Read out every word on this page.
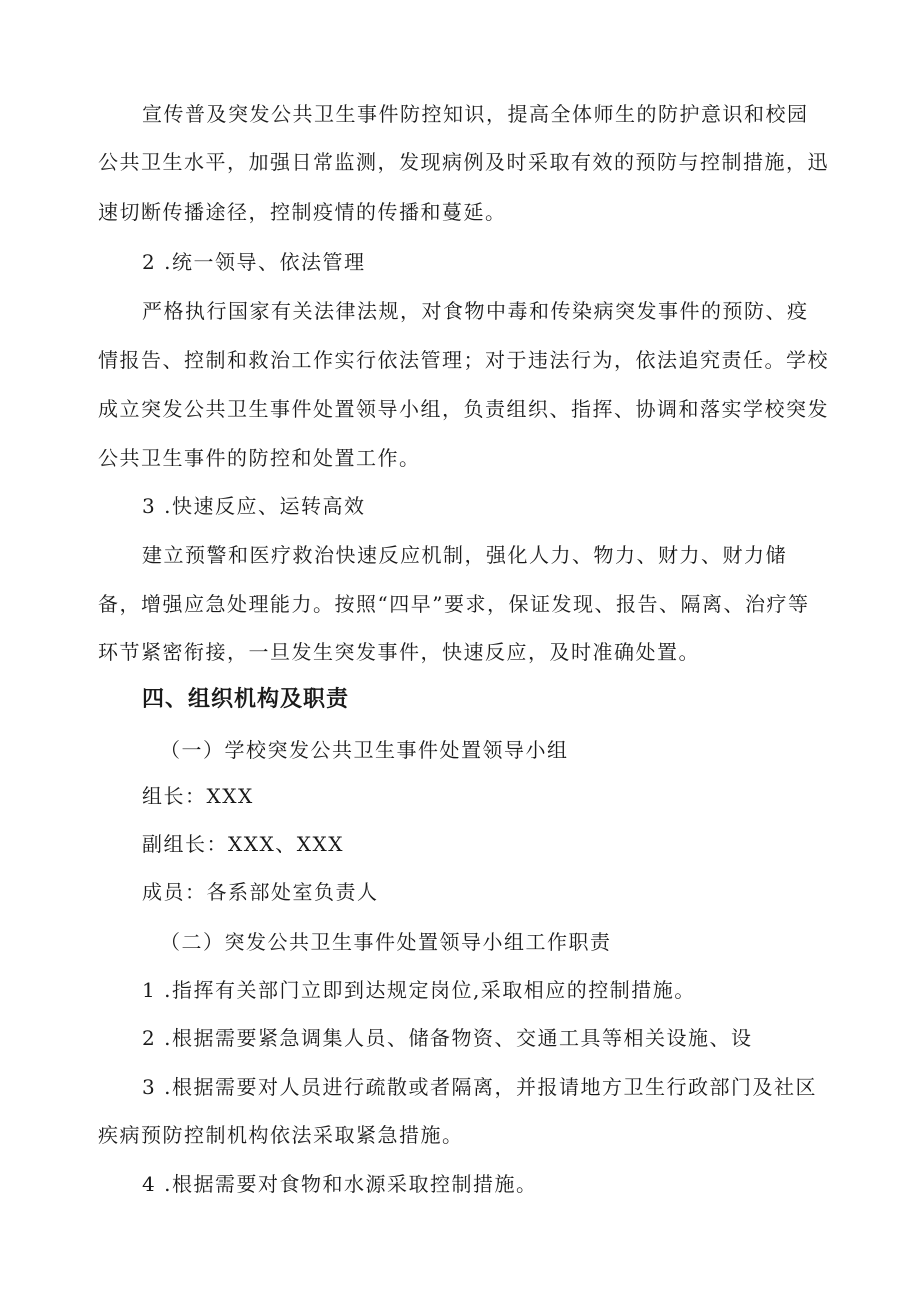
宣传普及突发公共卫生事件防控知识，提高全体师生的防护意识和校园
公共卫生水平，加强日常监测，发现病例及时采取有效的预防与控制措施，迅
速切断传播途径，控制疫情的传播和蔓延。
2 .统一领导、依法管理
严格执行国家有关法律法规，对食物中毒和传染病突发事件的预防、疫
情报告、控制和救治工作实行依法管理；对于违法行为，依法追究责任。学校
成立突发公共卫生事件处置领导小组，负责组织、指挥、协调和落实学校突发
公共卫生事件的防控和处置工作。
3 .快速反应、运转高效
建立预警和医疗救治快速反应机制，强化人力、物力、财力、财力储
备，增强应急处理能力。按照“四早”要求，保证发现、报告、隔离、治疗等
环节紧密衔接，一旦发生突发事件，快速反应，及时准确处置。
四、组织机构及职责
（一）学校突发公共卫生事件处置领导小组
组长：XXX
副组长：XXX、XXX
成员：各系部处室负责人
（二）突发公共卫生事件处置领导小组工作职责
1 .指挥有关部门立即到达规定岗位,采取相应的控制措施。
2 .根据需要紧急调集人员、储备物资、交通工具等相关设施、设
3 .根据需要对人员进行疏散或者隔离，并报请地方卫生行政部门及社区
疾病预防控制机构依法采取紧急措施。
4 .根据需要对食物和水源采取控制措施。
